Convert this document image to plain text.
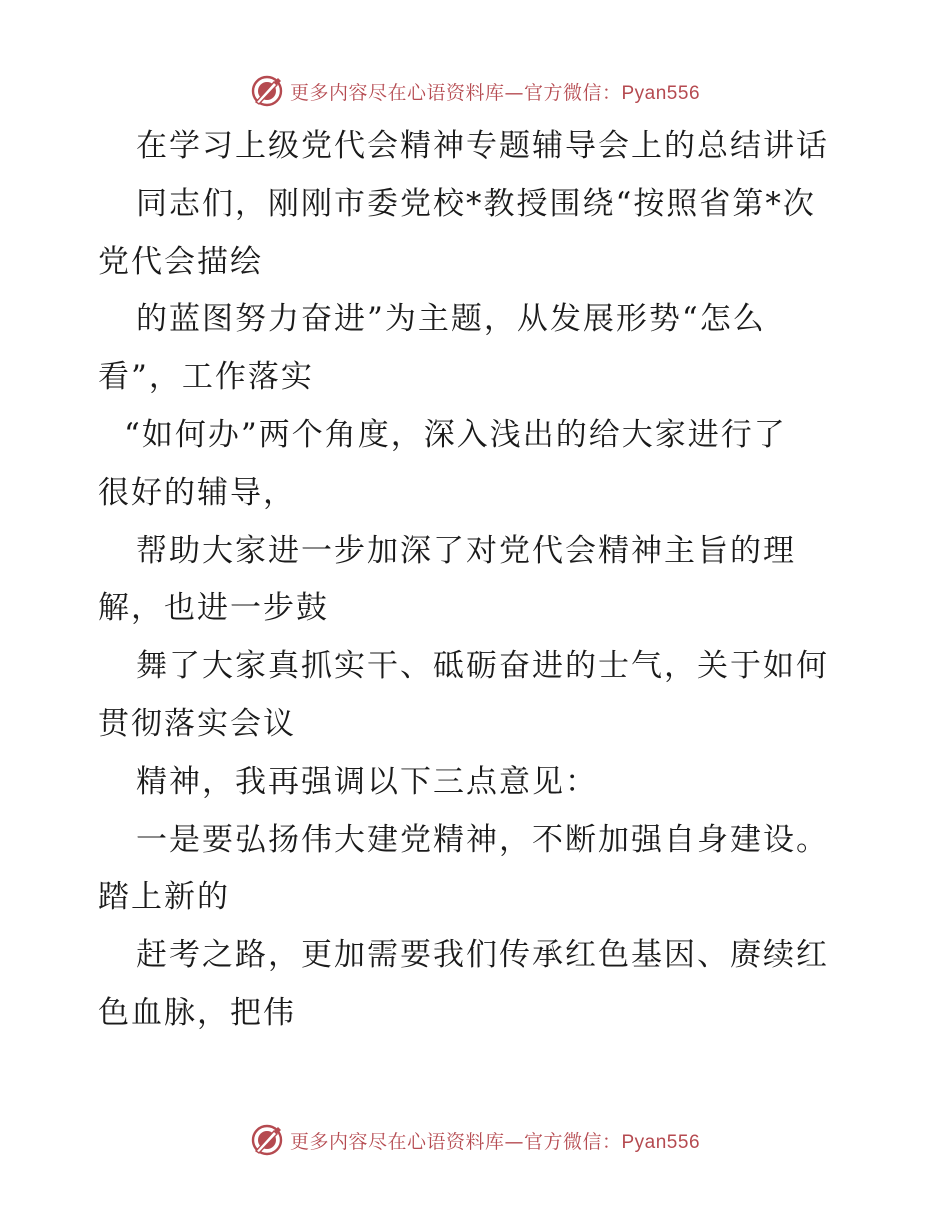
更多内容尽在心语资料库—官方微信：Pyan556
在学习上级党代会精神专题辅导会上的总结讲话
同志们，刚刚市委党校*教授围绕“按照省第*次
党代会描绘
的蓝图努力奋进”为主题，从发展形势“怎么
看”，工作落实
“如何办”两个角度，深入浅出的给大家进行了
很好的辅导，
帮助大家进一步加深了对党代会精神主旨的理
解，也进一步鼓
舞了大家真抓实干、砥砺奋进的士气，关于如何
贯彻落实会议
精神，我再强调以下三点意见：
一是要弘扬伟大建党精神，不断加强自身建设。
踏上新的
赶考之路，更加需要我们传承红色基因、赓续红
色血脉，把伟
更多内容尽在心语资料库—官方微信：Pyan556
